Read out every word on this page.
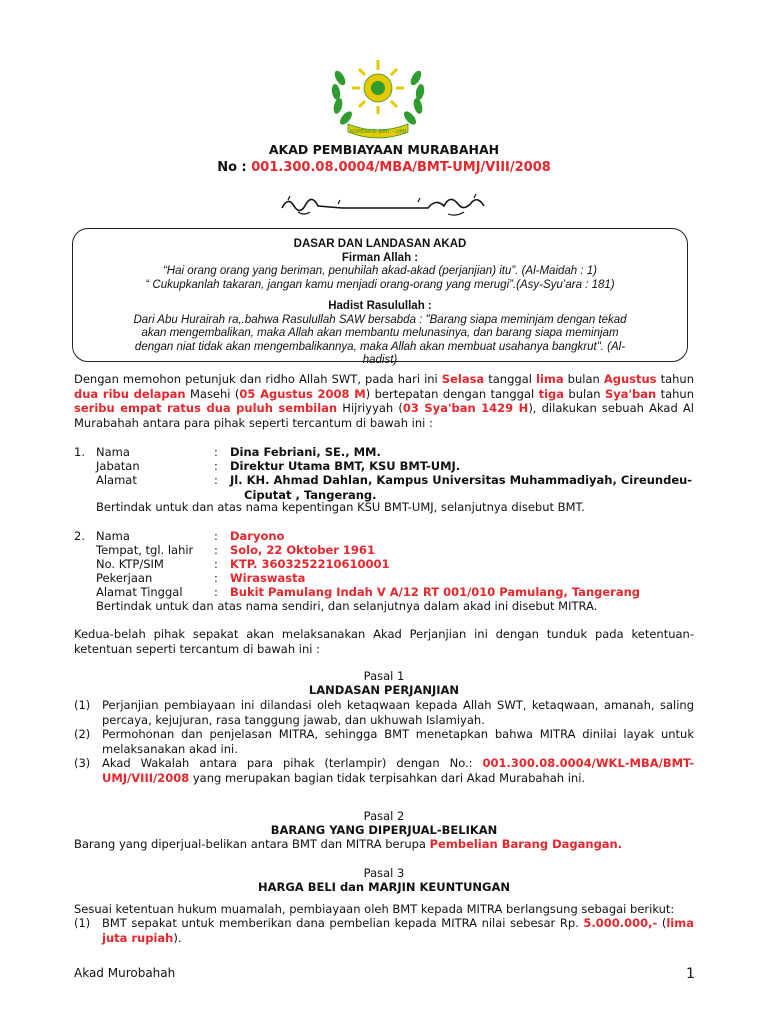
KOPERASI BMT - UMJ
AKAD PEMBIAYAAN MURABAHAH
No : 001.300.08.0004/MBA/BMT-UMJ/VIII/2008
DASAR DAN LANDASAN AKAD
Firman Allah :
“Hai orang orang yang beriman, penuhilah akad-akad (perjanjian) itu”. (Al-Maidah : 1)
“ Cukupkanlah takaran, jangan kamu menjadi orang-orang yang merugi”.(Asy-Syu’ara : 181)
Hadist Rasulullah :
Dari Abu Hurairah ra,.bahwa Rasulullah SAW bersabda : "Barang siapa meminjam dengan tekad
akan mengembalikan, maka Allah akan membantu melunasinya, dan barang siapa meminjam
dengan niat tidak akan mengembalikannya, maka Allah akan membuat usahanya bangkrut". (Al-
hadist)
Dengan memohon petunjuk dan ridho Allah SWT, pada hari ini Selasa tanggal lima bulan Agustus tahun dua ribu delapan Masehi (05 Agustus 2008 M) bertepatan dengan tanggal tiga bulan Sya'ban tahun seribu empat ratus dua puluh sembilan Hijriyyah (03 Sya'ban 1429 H), dilakukan sebuah Akad Al Murabahah antara para pihak seperti tercantum di bawah ini :
1. Nama	: Dina Febriani, SE., MM.
Jabatan	: Direktur Utama BMT, KSU BMT-UMJ.
Alamat	: Jl. KH. Ahmad Dahlan, Kampus Universitas Muhammadiyah, Cireundeu-
Ciputat , Tangerang.
Bertindak untuk dan atas nama kepentingan KSU BMT-UMJ, selanjutnya disebut BMT.
2. Nama	: Daryono
Tempat, tgl. lahir : Solo, 22 Oktober 1961
No. KTP/SIM	: KTP. 3603252210610001
Pekerjaan	: Wiraswasta
Alamat Tinggal	: Bukit Pamulang Indah V A/12 RT 001/010 Pamulang, Tangerang
Bertindak untuk dan atas nama sendiri, dan selanjutnya dalam akad ini disebut MITRA.
Kedua-belah pihak sepakat akan melaksanakan Akad Perjanjian ini dengan tunduk pada ketentuan-ketentuan seperti tercantum di bawah ini :
Pasal 1
LANDASAN PERJANJIAN
(1) Perjanjian pembiayaan ini dilandasi oleh ketaqwaan kepada Allah SWT, ketaqwaan, amanah, saling percaya, kejujuran, rasa tanggung jawab, dan ukhuwah Islamiyah.
(2) Permohonan dan penjelasan MITRA, sehingga BMT menetapkan bahwa MITRA dinilai layak untuk melaksanakan akad ini.
(3) Akad Wakalah antara para pihak (terlampir) dengan No.: 001.300.08.0004/WKL-MBA/BMT-UMJ/VIII/2008 yang merupakan bagian tidak terpisahkan dari Akad Murabahah ini.
Pasal 2
BARANG YANG DIPERJUAL-BELIKAN
Barang yang diperjual-belikan antara BMT dan MITRA berupa Pembelian Barang Dagangan.
Pasal 3
HARGA BELI dan MARJIN KEUNTUNGAN
Sesuai ketentuan hukum muamalah, pembiayaan oleh BMT kepada MITRA berlangsung sebagai berikut:
(1) BMT sepakat untuk memberikan dana pembelian kepada MITRA nilai sebesar Rp. 5.000.000,- (lima juta rupiah).
Akad Murobahah	1
